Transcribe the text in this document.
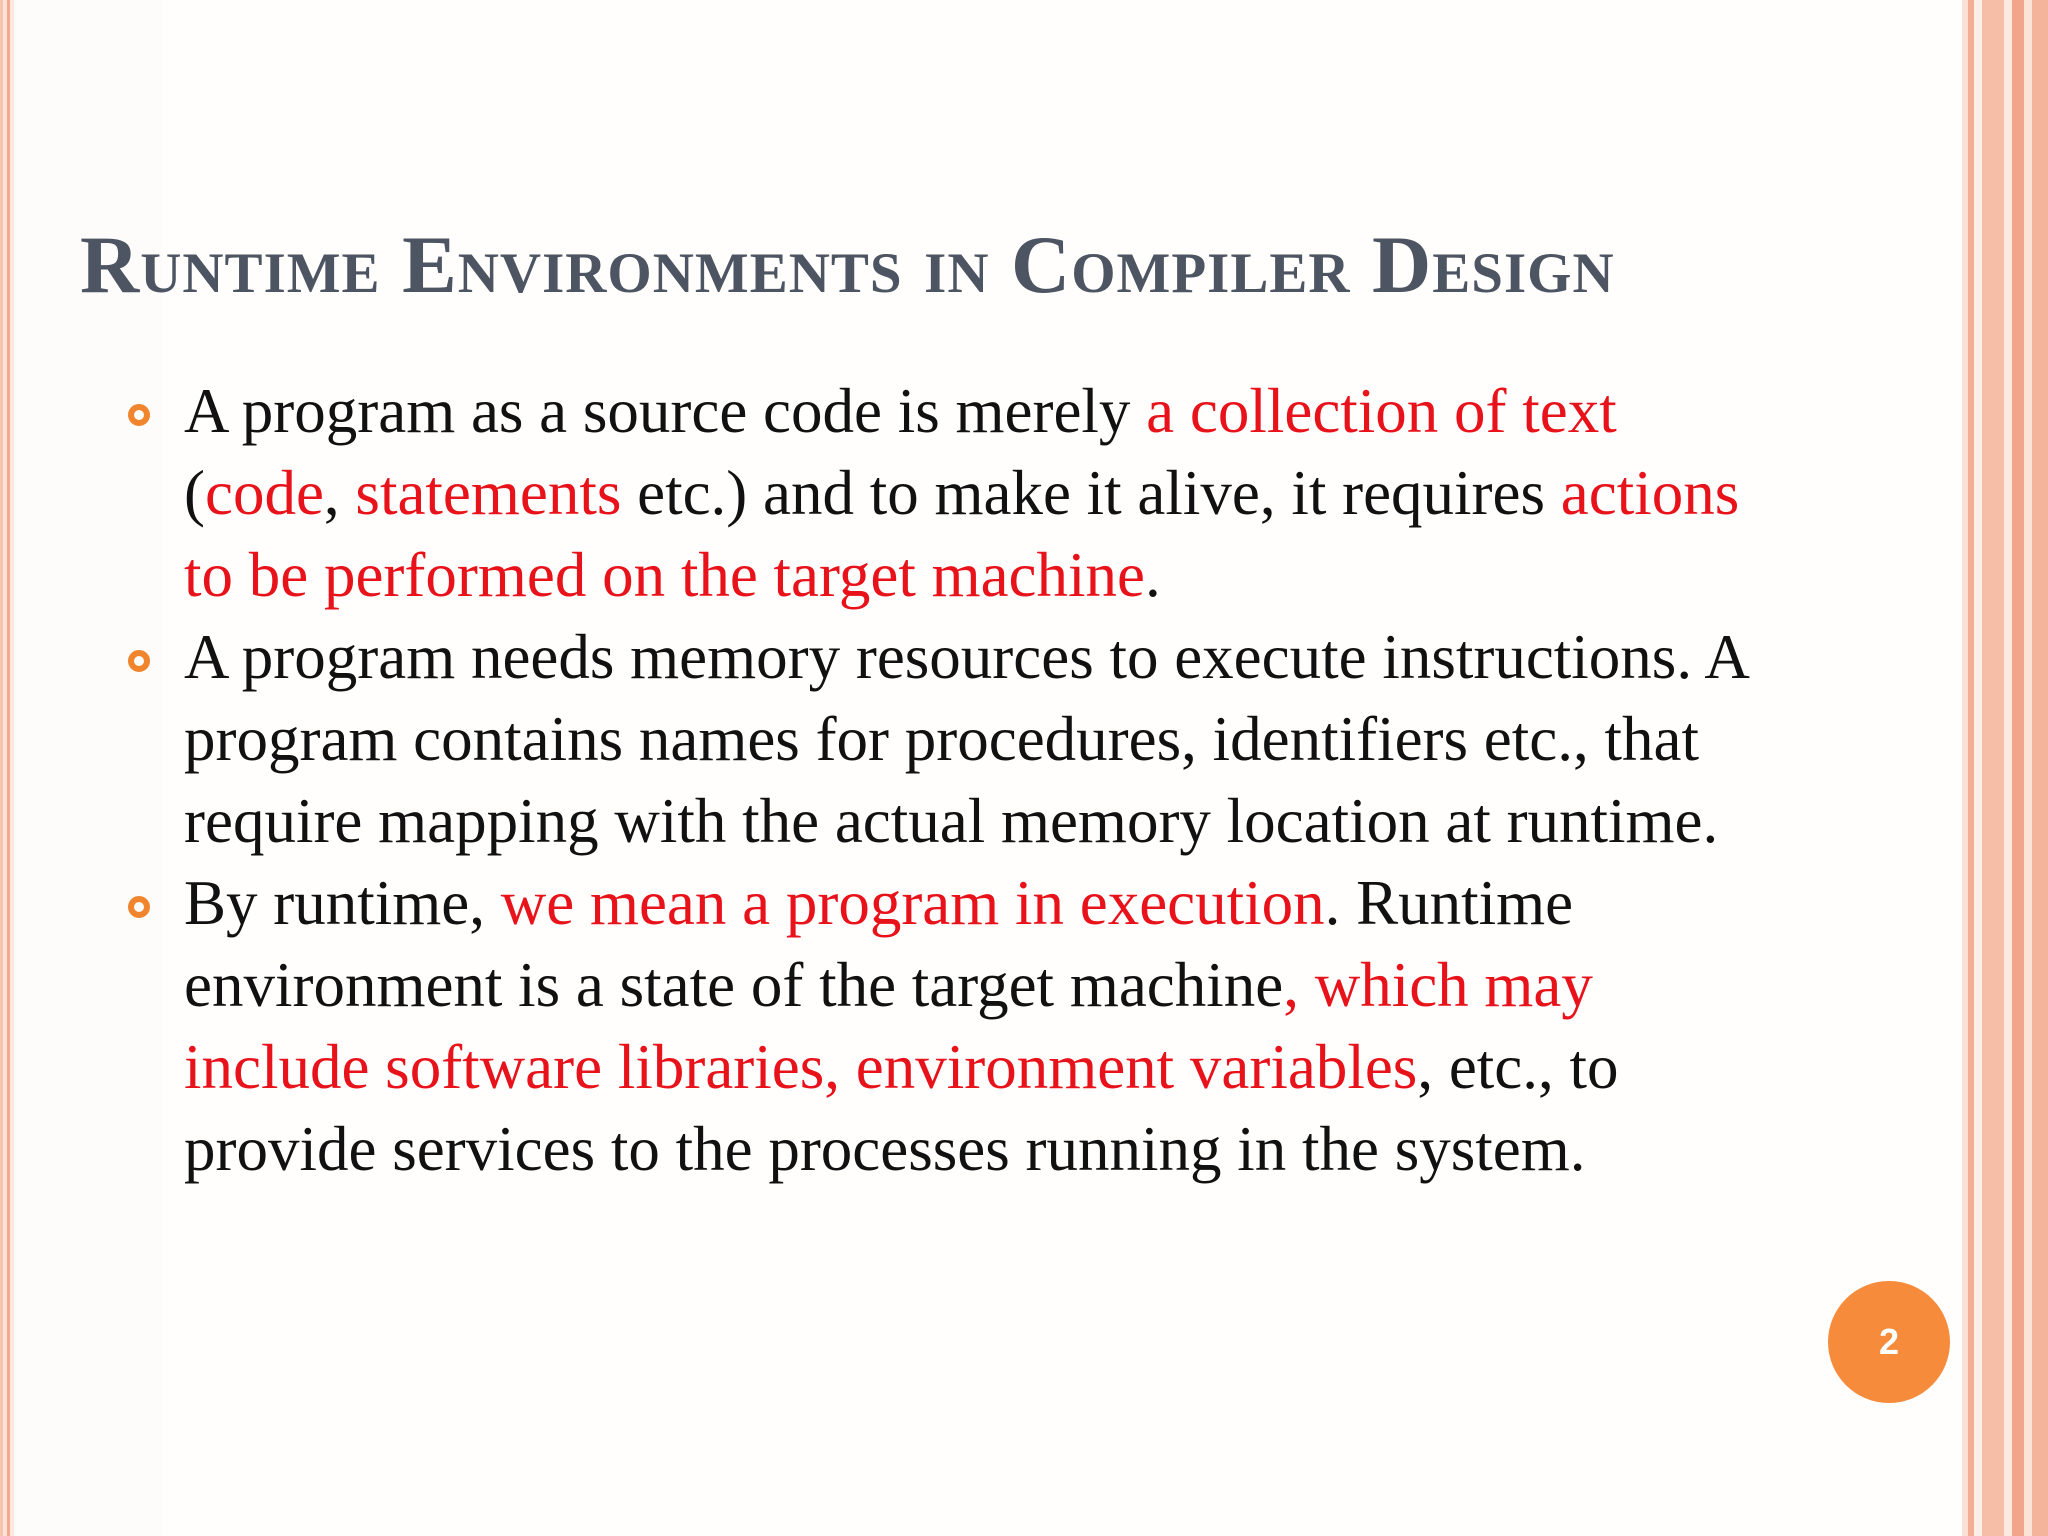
Runtime Environments in Compiler Design
A program as a source code is merely a collection of text (code, statements etc.) and to make it alive, it requires actions to be performed on the target machine.
A program needs memory resources to execute instructions. A program contains names for procedures, identifiers etc., that require mapping with the actual memory location at runtime.
By runtime, we mean a program in execution. Runtime environment is a state of the target machine, which may include software libraries, environment variables, etc., to provide services to the processes running in the system.
2
